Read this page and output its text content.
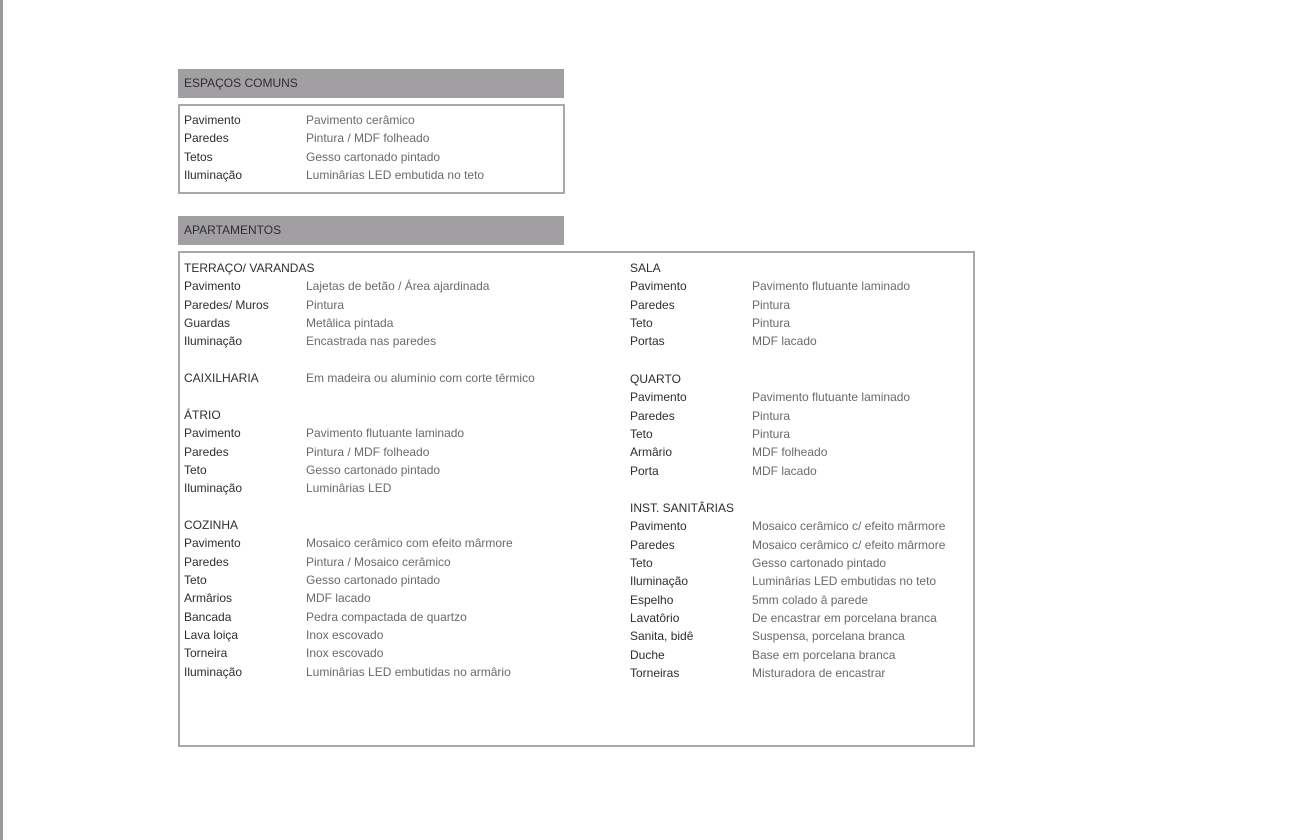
ESPAÇOS COMUNS
Pavimento	Pavimento cerâmico
Paredes	Pintura / MDF folheado
Tetos	Gesso cartonado pintado
Iluminação	Luminârias LED embutida no teto
APARTAMENTOS
TERRAÇO/ VARANDAS
Pavimento	Lajetas de betão / Área ajardinada
Paredes/ Muros	Pintura
Guardas	Metâlica pintada
Iluminação	Encastrada nas paredes
CAIXILHARIA	Em madeira ou alumínio com corte têrmico
ÁTRIO
Pavimento	Pavimento flutuante laminado
Paredes	Pintura / MDF folheado
Teto	Gesso cartonado pintado
Iluminação	Luminârias LED
COZINHA
Pavimento	Mosaico cerâmico com efeito mârmore
Paredes	Pintura / Mosaico cerâmico
Teto	Gesso cartonado pintado
Armârios	MDF lacado
Bancada	Pedra compactada de quartzo
Lava loiça	Inox escovado
Torneira	Inox escovado
Iluminação	Luminârias LED embutidas no armârio
SALA
Pavimento	Pavimento flutuante laminado
Paredes	Pintura
Teto	Pintura
Portas	MDF lacado
QUARTO
Pavimento	Pavimento flutuante laminado
Paredes	Pintura
Teto	Pintura
Armârio	MDF folheado
Porta	MDF lacado
INST. SANITÂRIAS
Pavimento	Mosaico cerâmico c/ efeito mârmore
Paredes	Mosaico cerâmico c/ efeito mârmore
Teto	Gesso cartonado pintado
Iluminação	Luminârias LED embutidas no teto
Espelho	5mm colado â parede
Lavatôrio	De encastrar em porcelana branca
Sanita, bidê	Suspensa, porcelana branca
Duche	Base em porcelana branca
Torneiras	Misturadora de encastrar
